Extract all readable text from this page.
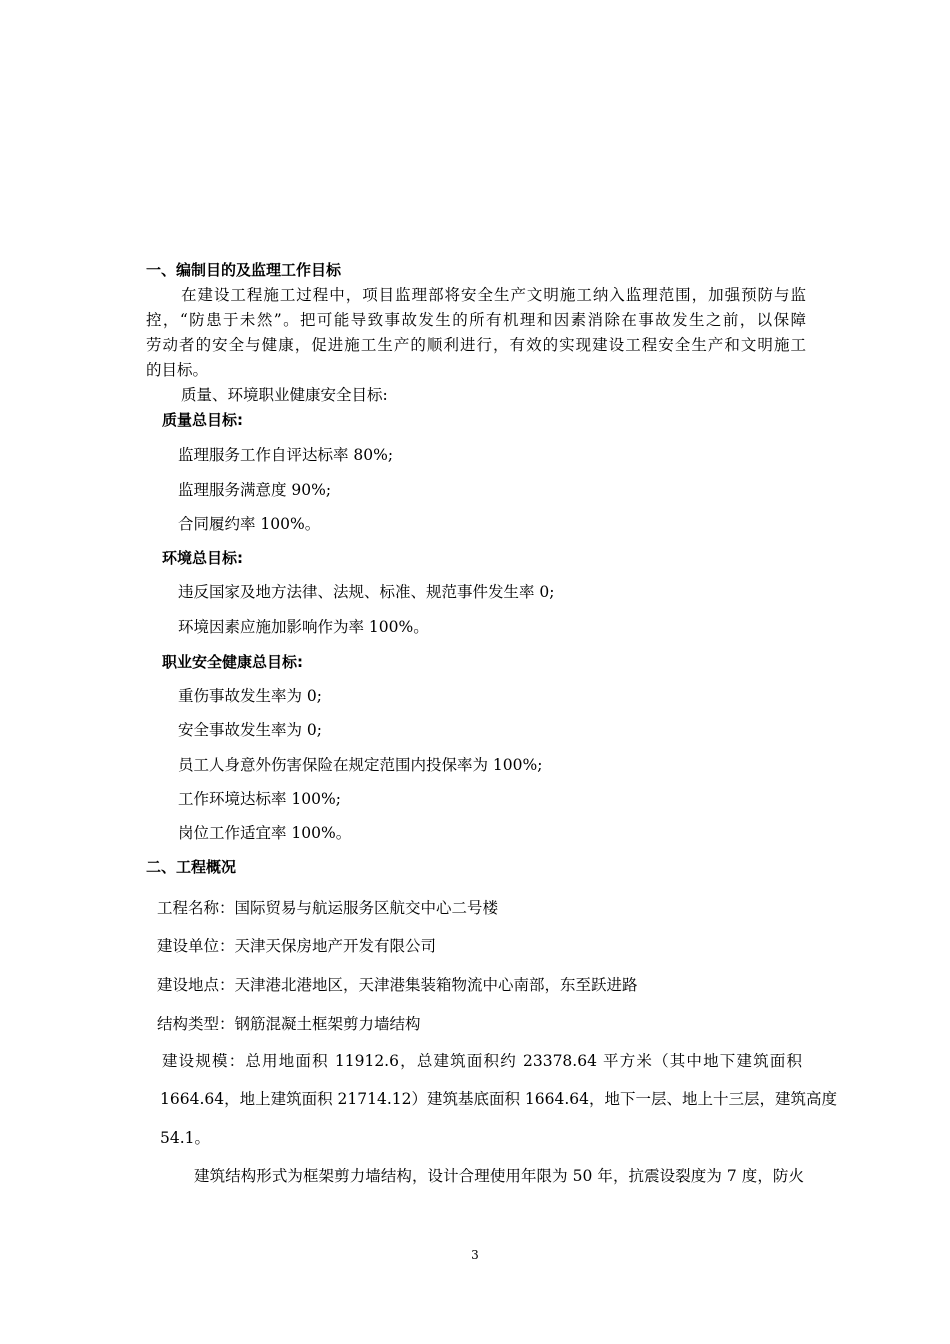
一、编制目的及监理工作目标
在建设工程施工过程中，项目监理部将安全生产文明施工纳入监理范围，加强预防与监
控，“防患于未然”。把可能导致事故发生的所有机理和因素消除在事故发生之前，以保障
劳动者的安全与健康，促进施工生产的顺利进行，有效的实现建设工程安全生产和文明施工
的目标。
质量、环境职业健康安全目标:
质量总目标:
监理服务工作自评达标率 80%;
监理服务满意度 90%;
合同履约率 100%。
环境总目标:
违反国家及地方法律、法规、标准、规范事件发生率 0;
环境因素应施加影响作为率 100%。
职业安全健康总目标:
重伤事故发生率为 0;
安全事故发生率为 0;
员工人身意外伤害保险在规定范围内投保率为 100%;
工作环境达标率 100%;
岗位工作适宜率 100%。
二、工程概况
工程名称：国际贸易与航运服务区航交中心二号楼
建设单位：天津天保房地产开发有限公司
建设地点：天津港北港地区，天津港集装箱物流中心南部，东至跃进路
结构类型：钢筋混凝土框架剪力墙结构
建设规模：总用地面积 11912.6，总建筑面积约 23378.64 平方米（其中地下建筑面积
1664.64，地上建筑面积 21714.12）建筑基底面积 1664.64，地下一层、地上十三层，建筑高度
54.1。
建筑结构形式为框架剪力墙结构，设计合理使用年限为 50 年，抗震设裂度为 7 度，防火
3
